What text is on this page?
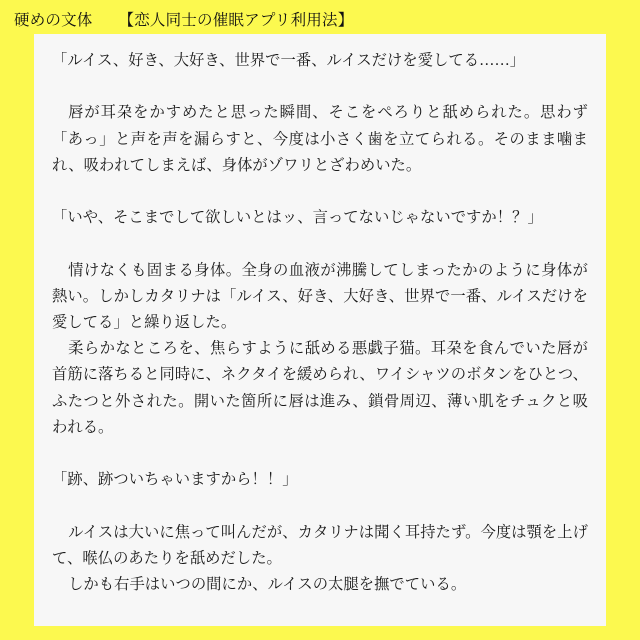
硬めの文体 【恋人同士の催眠アプリ利用法】

「ルイス、好き、大好き、世界で一番、ルイスだけを愛してる……」

唇が耳朶をかすめたと思った瞬間、そこをぺろりと舐められた。思わず「あっ」と声を声を漏らすと、今度は小さく歯を立てられる。そのまま噛まれ、吸われてしまえば、身体がゾワリとざわめいた。

「いや、そこまでして欲しいとはッ、言ってないじゃないですか！？」

情けなくも固まる身体。全身の血液が沸騰してしまったかのように身体が熱い。しかしカタリナは「ルイス、好き、大好き、世界で一番、ルイスだけを愛してる」と繰り返した。

柔らかなところを、焦らすように舐める悪戯子猫。耳朶を食んでいた唇が首筋に落ちると同時に、ネクタイを緩められ、ワイシャツのボタンをひとつ、ふたつと外された。開いた箇所に唇は進み、鎖骨周辺、薄い肌をチュクと吸われる。

「跡、跡ついちゃいますから！！」

ルイスは大いに焦って叫んだが、カタリナは聞く耳持たず。今度は顎を上げて、喉仏のあたりを舐めだした。

しかも右手はいつの間にか、ルイスの太腿を撫でている。
